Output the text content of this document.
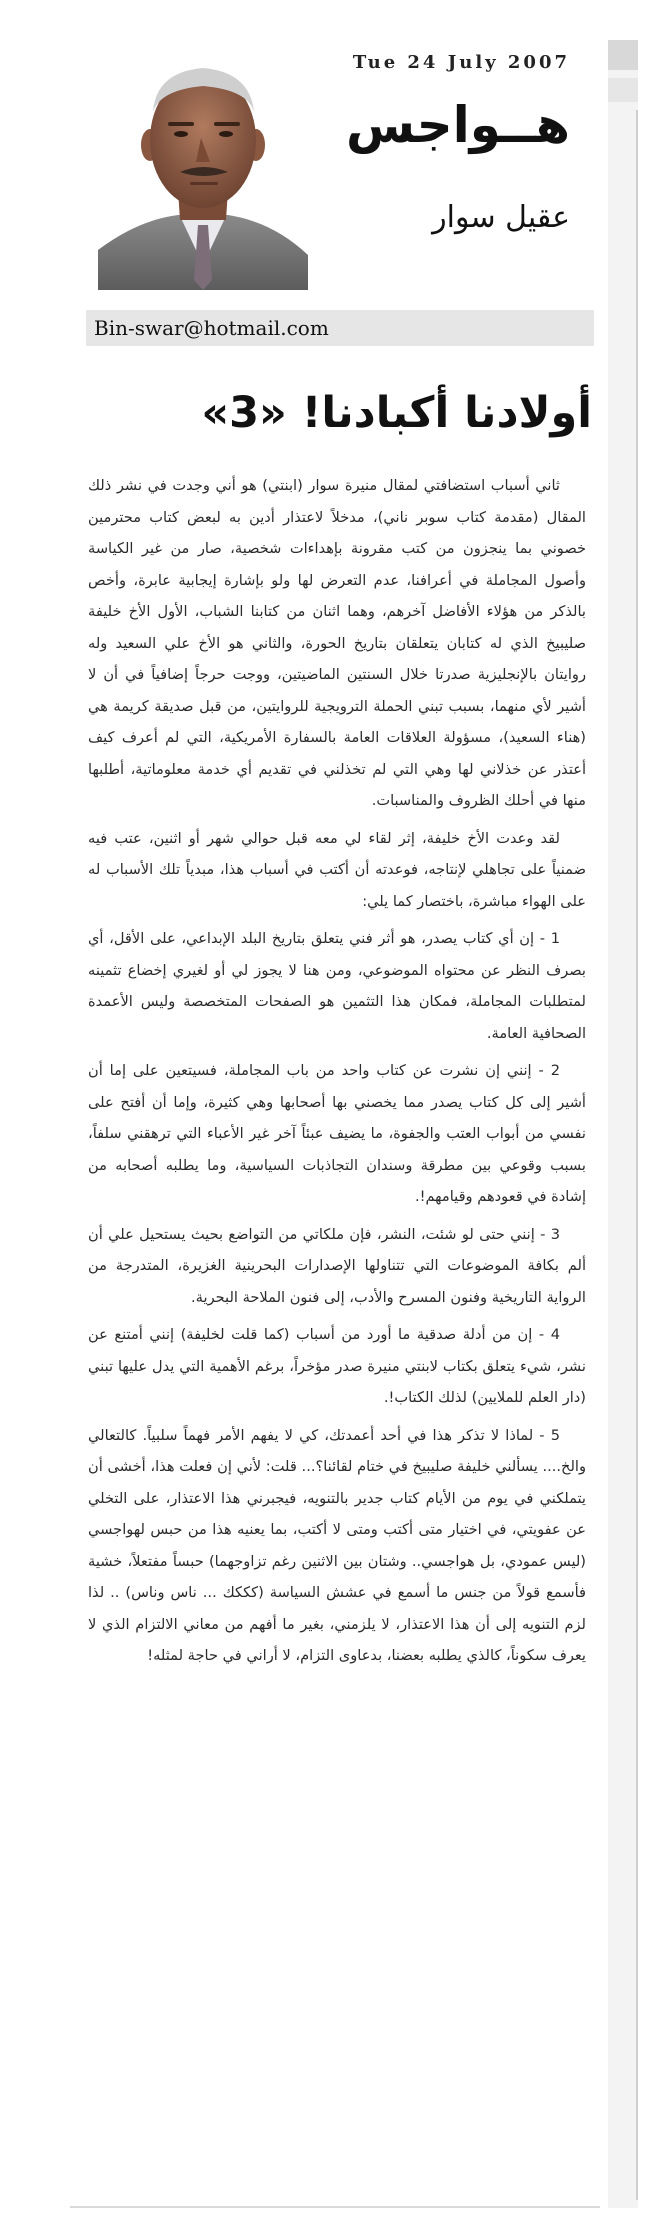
Tue 24 July 2007
هــواجس
عقيل سوار
Bin-swar@hotmail.com
أولادنا أكبادنا! «3»

ثاني أسباب استضافتي لمقال منيرة سوار (ابنتي) هو أني وجدت في نشر ذلك المقال (مقدمة كتاب سوبر ناني)، مدخلاً لاعتذار أدين به لبعض كتاب محترمين خصوني بما ينجزون من كتب مقرونة بإهداءات شخصية، صار من غير الكياسة وأصول المجاملة في أعرافنا، عدم التعرض لها ولو بإشارة إيجابية عابرة، وأخص بالذكر من هؤلاء الأفاضل آخرهم، وهما اثنان من كتابنا الشباب، الأول الأخ خليفة صليبيخ الذي له كتابان يتعلقان بتاريخ الحورة، والثاني هو الأخ علي السعيد وله روايتان بالإنجليزية صدرتا خلال السنتين الماضيتين، ووجت حرجاً إضافياً في أن لا أشير لأي منهما، بسبب تبني الحملة الترويجية للروايتين، من قبل صديقة كريمة هي (هناء السعيد)، مسؤولة العلاقات العامة بالسفارة الأمريكية، التي لم أعرف كيف أعتذر عن خذلاني لها وهي التي لم تخذلني في تقديم أي خدمة معلوماتية، أطلبها منها في أحلك الظروف والمناسبات.

لقد وعدت الأخ خليفة، إثر لقاء لي معه قبل حوالي شهر أو اثنين، عتب فيه ضمنياً على تجاهلي لإنتاجه، فوعدته أن أكتب في أسباب هذا، مبدياً تلك الأسباب له على الهواء مباشرة، باختصار كما يلي:

1 - إن أي كتاب يصدر، هو أثر فني يتعلق بتاريخ البلد الإبداعي، على الأقل، أي بصرف النظر عن محتواه الموضوعي، ومن هنا لا يجوز لي أو لغيري إخضاع تثمينه لمتطلبات المجاملة، فمكان هذا التثمين هو الصفحات المتخصصة وليس الأعمدة الصحافية العامة.

2 - إنني إن نشرت عن كتاب واحد من باب المجاملة، فسيتعين على إما أن أشير إلى كل كتاب يصدر مما يخصني بها أصحابها وهي كثيرة، وإما أن أفتح على نفسي من أبواب العتب والجفوة، ما يضيف عبئاً آخر غير الأعباء التي ترهقني سلفاً، بسبب وقوعي بين مطرقة وسندان التجاذبات السياسية، وما يطلبه أصحابه من إشادة في قعودهم وقيامهم!.

3 - إنني حتى لو شئت، النشر، فإن ملكاتي من التواضع بحيث يستحيل علي أن ألم بكافة الموضوعات التي تتناولها الإصدارات البحرينية الغزيرة، المتدرجة من الرواية التاريخية وفنون المسرح والأدب، إلى فنون الملاحة البحرية.

4 - إن من أدلة صدقية ما أورد من أسباب (كما قلت لخليفة) إنني أمتنع عن نشر، شيء يتعلق بكتاب لابنتي منيرة صدر مؤخراً، برغم الأهمية التي يدل عليها تبني (دار العلم للملايين) لذلك الكتاب!.

5 - لماذا لا تذكر هذا في أحد أعمدتك، كي لا يفهم الأمر فهماً سلبياً. كالتعالي والخ.... يسألني خليفة صليبيخ في ختام لقائنا؟... قلت: لأني إن فعلت هذا، أخشى أن يتملكني في يوم من الأيام كتاب جدير بالتنويه، فيجبرني هذا الاعتذار، على التخلي عن عفويتي، في اختيار متى أكتب ومتى لا أكتب، بما يعنيه هذا من حبس لهواجسي (ليس عمودي، بل هواجسي.. وشتان بين الاثنين رغم تزاوجهما) حبساً مفتعلاً، خشية فأسمع قولاً من جنس ما أسمع في عشش السياسة (كككك ... ناس وناس) .. لذا لزم التنويه إلى أن هذا الاعتذار، لا يلزمني، بغير ما أفهم من معاني الالتزام الذي لا يعرف سكوناً، كالذي يطلبه بعضنا، بدعاوى التزام، لا أراني في حاجة لمثله!
